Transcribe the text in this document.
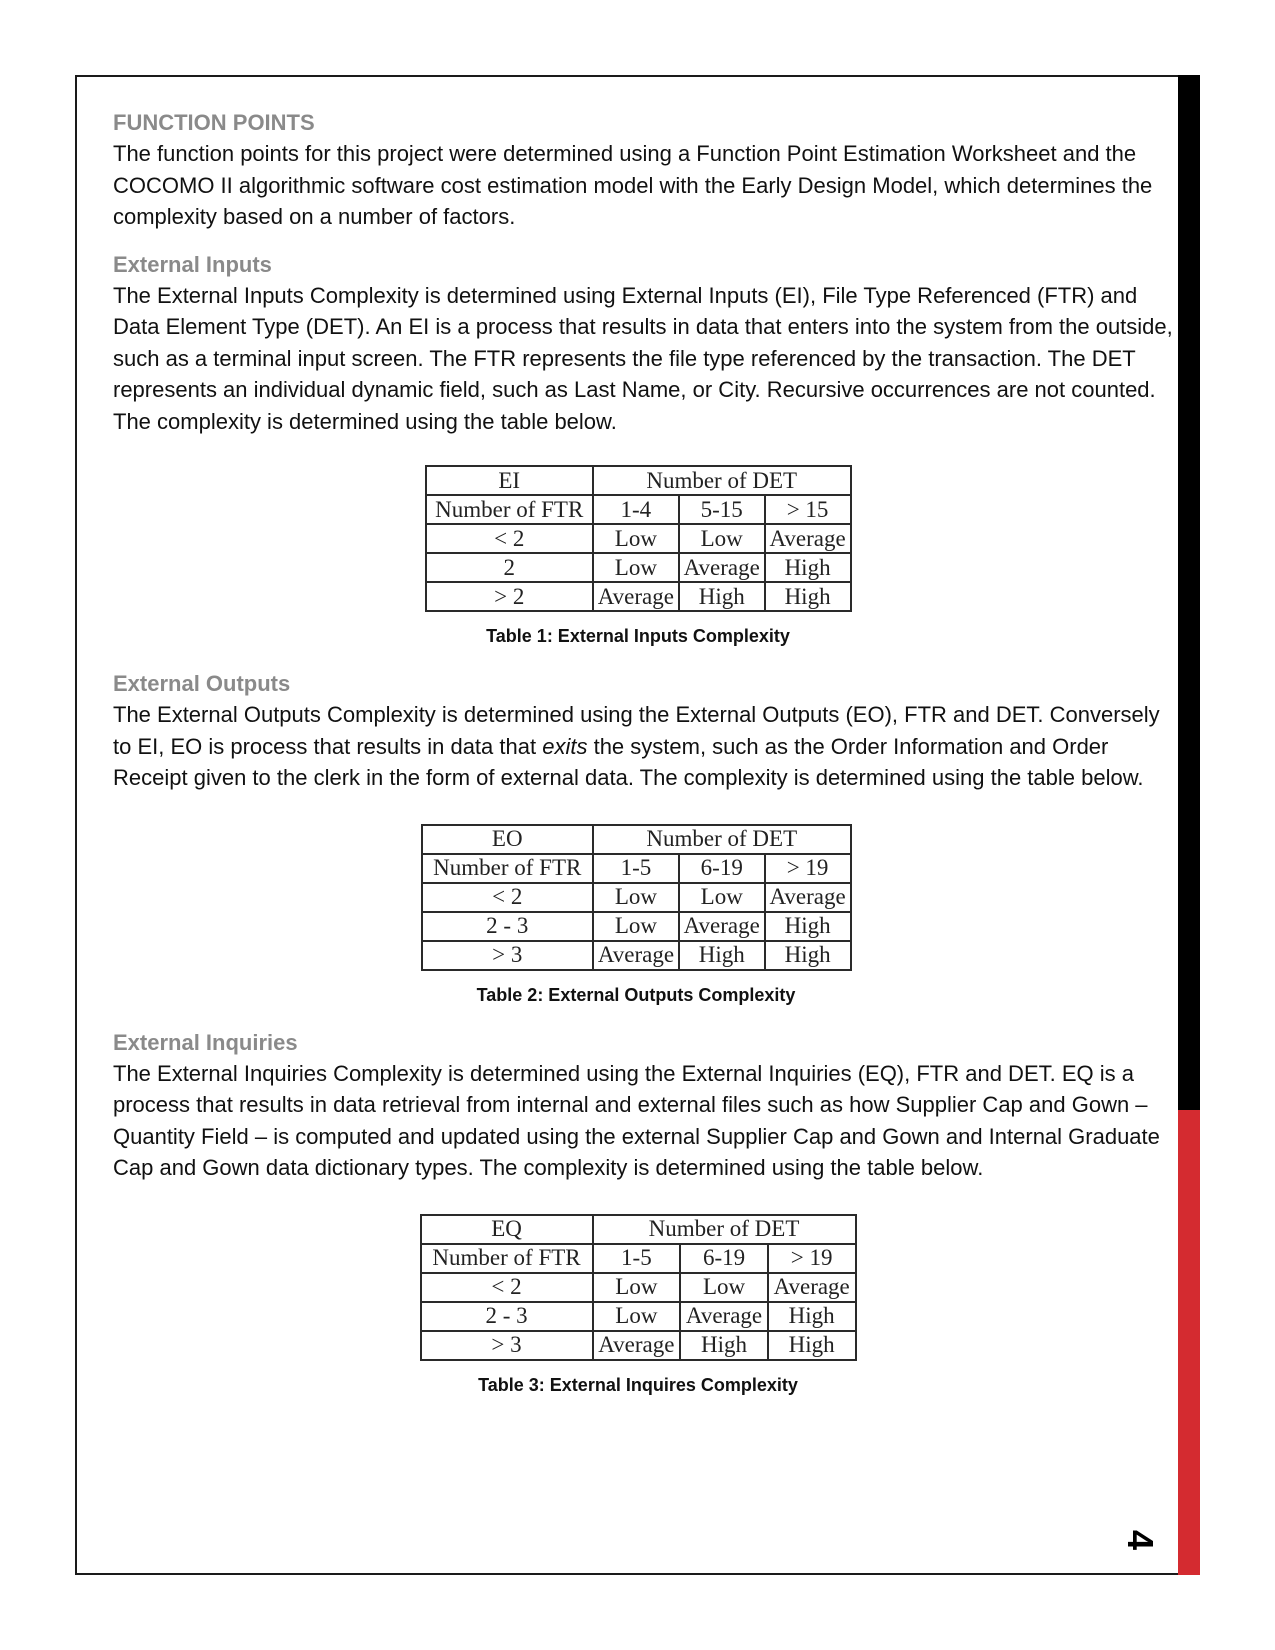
4
FUNCTION POINTS

The function points for this project were determined using a Function Point Estimation Worksheet and the COCOMO II algorithmic software cost estimation model with the Early Design Model, which determines the complexity based on a number of factors.

External Inputs

The External Inputs Complexity is determined using External Inputs (EI), File Type Referenced (FTR) and Data Element Type (DET). An EI is a process that results in data that enters into the system from the outside, such as a terminal input screen. The FTR represents the file type referenced by the transaction. The DET represents an individual dynamic field, such as Last Name, or City. Recursive occurrences are not counted. The complexity is determined using the table below.

EI	Number of DET		
Number of FTR	1-4	5-15	> 15
< 2	Low	Low	Average
2	Low	Average	High
> 2	Average	High	High
Table 1: External Inputs Complexity
External Outputs

The External Outputs Complexity is determined using the External Outputs (EO), FTR and DET. Conversely to EI, EO is process that results in data that exits the system, such as the Order Information and Order Receipt given to the clerk in the form of external data. The complexity is determined using the table below.

EO	Number of DET		
Number of FTR	1-5	6-19	> 19
< 2	Low	Low	Average
2 - 3	Low	Average	High
> 3	Average	High	High
Table 2: External Outputs Complexity
External Inquiries

The External Inquiries Complexity is determined using the External Inquiries (EQ), FTR and DET. EQ is a process that results in data retrieval from internal and external files such as how Supplier Cap and Gown – Quantity Field – is computed and updated using the external Supplier Cap and Gown and Internal Graduate Cap and Gown data dictionary types. The complexity is determined using the table below.

EQ	Number of DET		
Number of FTR	1-5	6-19	> 19
< 2	Low	Low	Average
2 - 3	Low	Average	High
> 3	Average	High	High
Table 3: External Inquires Complexity
